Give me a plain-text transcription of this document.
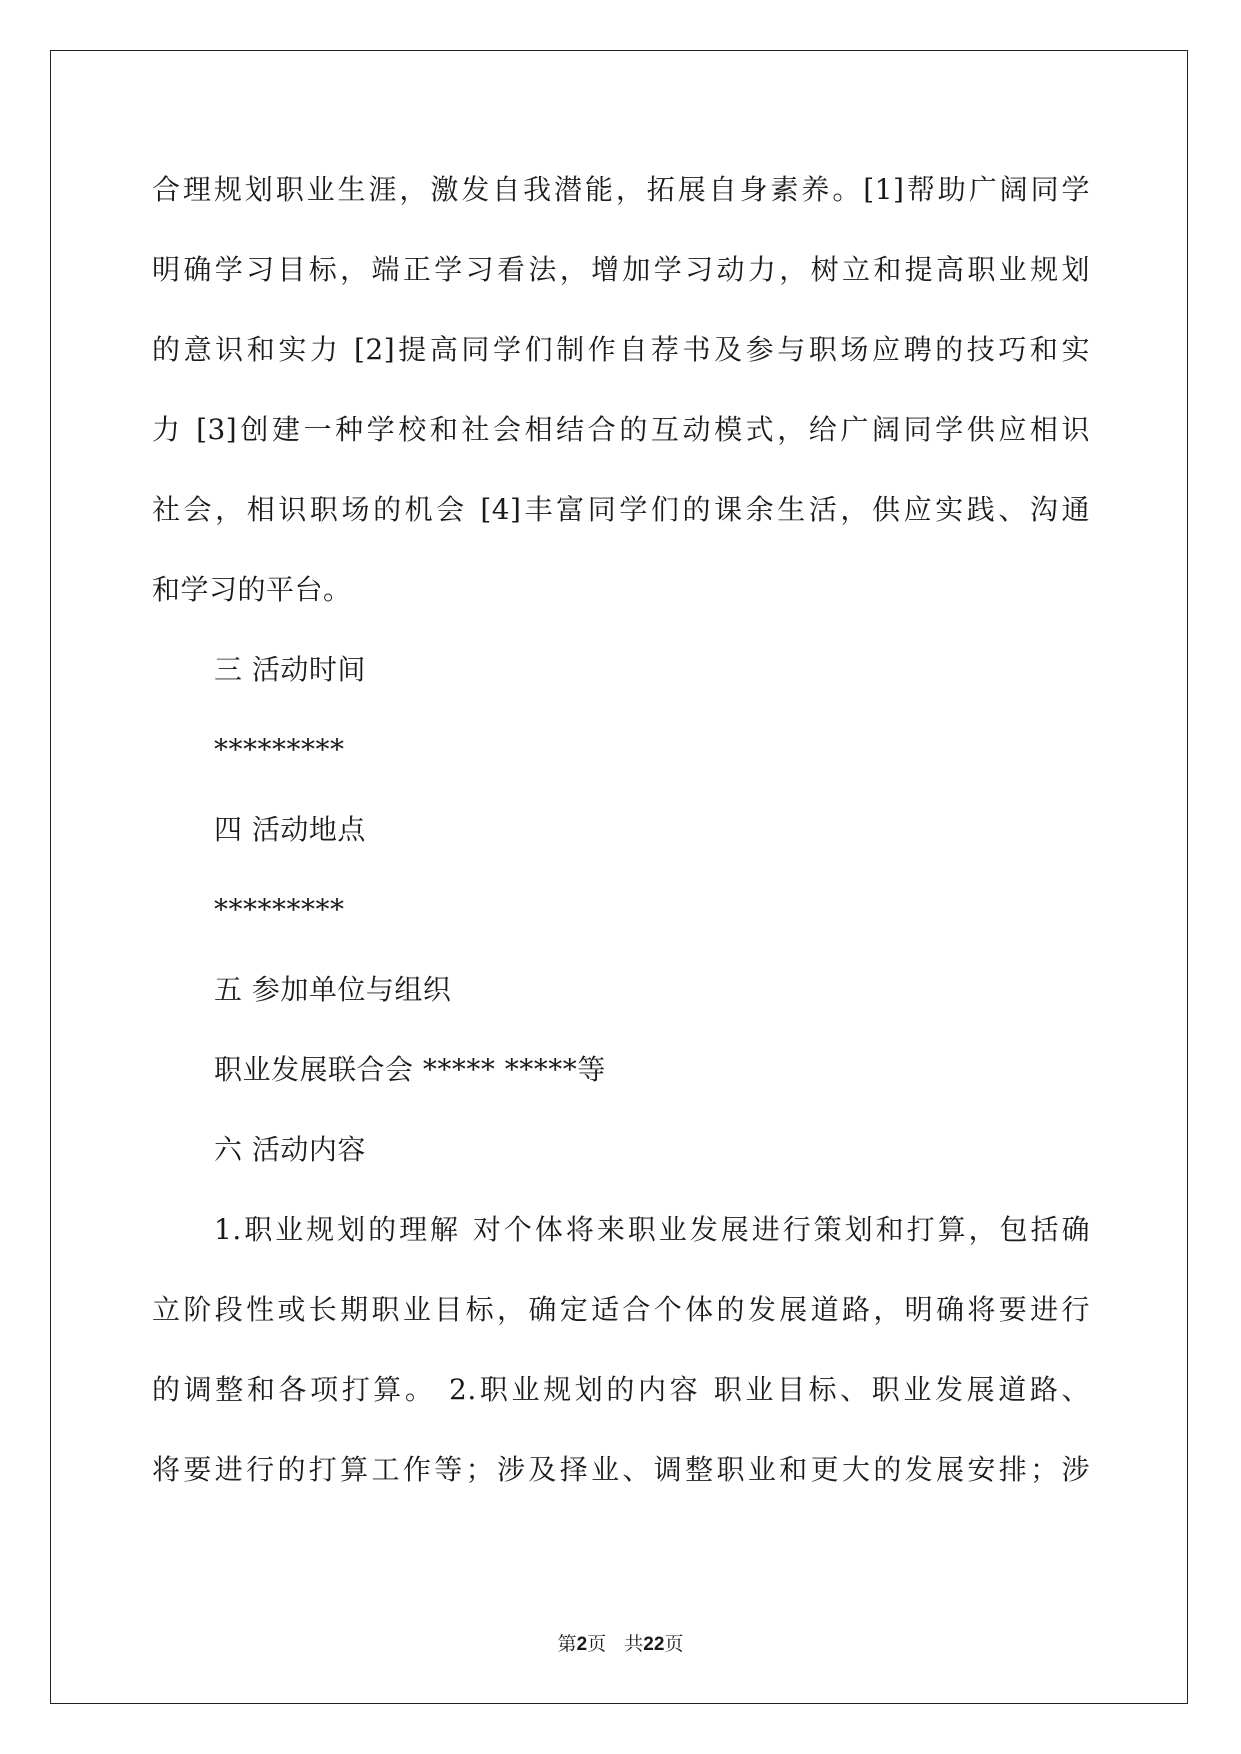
合理规划职业生涯，激发自我潜能，拓展自身素养。[1]帮助广阔同学
明确学习目标，端正学习看法，增加学习动力，树立和提高职业规划
的意识和实力 [2]提高同学们制作自荐书及参与职场应聘的技巧和实
力 [3]创建一种学校和社会相结合的互动模式，给广阔同学供应相识
社会，相识职场的机会 [4]丰富同学们的课余生活，供应实践、沟通
和学习的平台。
三 活动时间
*********
四 活动地点
*********
五 参加单位与组织
职业发展联合会 ***** *****等
六 活动内容
1.职业规划的理解 对个体将来职业发展进行策划和打算，包括确
立阶段性或长期职业目标，确定适合个体的发展道路，明确将要进行
的调整和各项打算。 2.职业规划的内容 职业目标、职业发展道路、
将要进行的打算工作等；涉及择业、调整职业和更大的发展安排；涉
第2页 共22页
